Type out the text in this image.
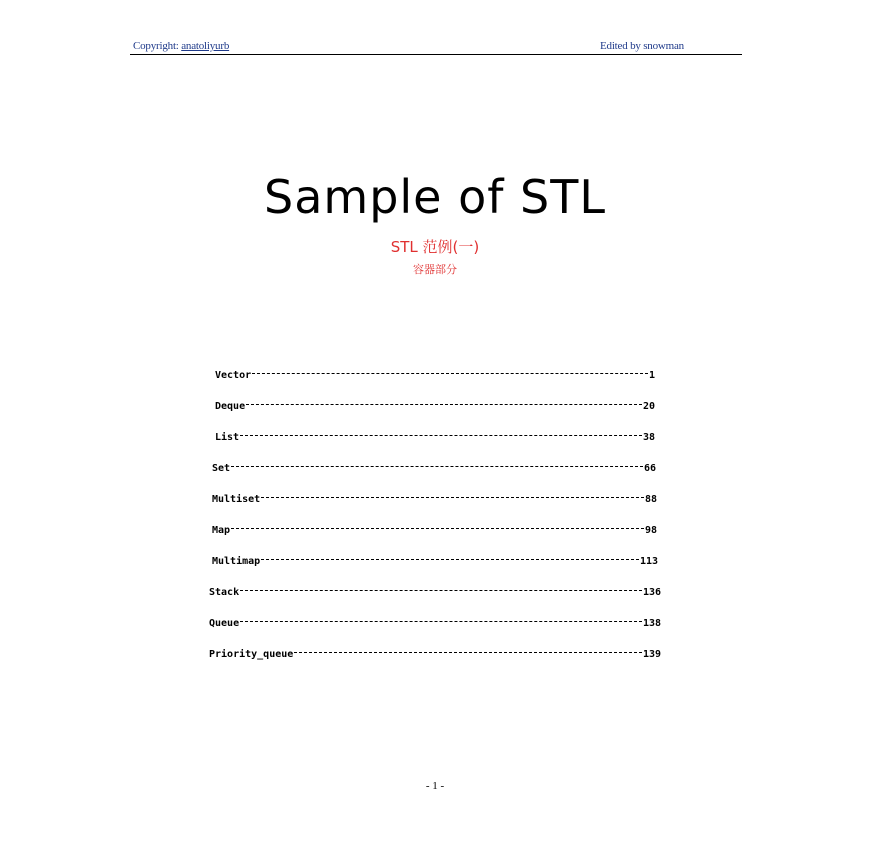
Copyright: anatoliyurb	Edited by snowman
Sample of STL
STL 范例(一)
容器部分
Vector	1
Deque	20
List	38
Set	66
Multiset	88
Map	98
Multimap	113
Stack	136
Queue	138
Priority_queue	139
- 1 -
